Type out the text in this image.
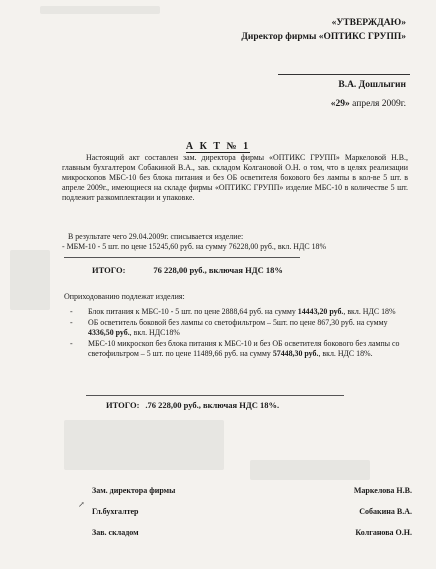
«УТВЕРЖДАЮ»

Директор фирмы «ОПТИКС ГРУПП»

В.А. Дошлыгин

«29» апреля 2009г.

А К Т № 1

Настоящий акт составлен зам. директора фирмы «ОПТИКС ГРУПП» Маркеловой Н.В., главным бухгалтером Собакиной В.А., зав. складом Колгановой О.Н. о том, что в целях реализации микроскопов МБС-10 без блока питания и без ОБ осветителя бокового без лампы в кол-ве 5 шт. в апреле 2009г., имеющиеся на складе фирмы «ОПТИКС ГРУПП» изделие МБС-10 в количестве 5 шт. подлежит разкомплектации и упаковке.

В результате чего 29.04.2009г. списывается изделие:

- МБМ-10 - 5 шт. по цене 15245,60 руб. на сумму 76228,00 руб., вкл. НДС 18%

ИТОГО:	76 228,00 руб., включая НДС 18%

Оприходованию подлежат изделия:

- Блок питания к МБС-10 - 5 шт. по цене 2888,64 руб. на сумму 14443,20 руб., вкл. НДС 18%
- ОБ осветитель боковой без лампы со светофильтром – 5шт. по цене 867,30 руб. на сумму 4336,50 руб., вкл. НДС18%
- МБС-10 микроскоп без блока питания к МБС-10 и без ОБ осветителя бокового без лампы со светофильтром – 5 шт. по цене 11489,66 руб. на сумму 57448,30 руб., вкл. НДС 18%.

ИТОГО: .76 228,00 руб., включая НДС 18%.

Зам. директора фирмы	Маркелова Н.В.

↗

Гл.бухгалтер	Собакина В.А.

Зав. складом	Колганова О.Н.
